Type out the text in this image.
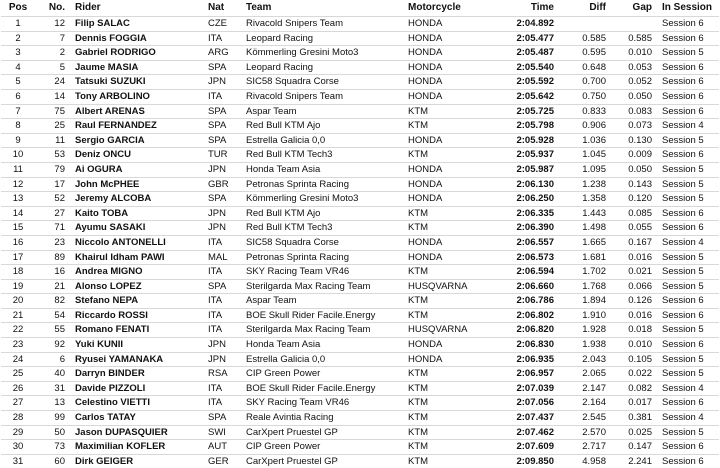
Pos	No.	Rider	Nat	Team	Motorcycle	Time	Diff	Gap	In Session
1	12	Filip SALAC	CZE	Rivacold Snipers Team	HONDA	2:04.892			Session 6
2	7	Dennis FOGGIA	ITA	Leopard Racing	HONDA	2:05.477	0.585	0.585	Session 6
3	2	Gabriel RODRIGO	ARG	Kömmerling Gresini Moto3	HONDA	2:05.487	0.595	0.010	Session 5
4	5	Jaume MASIA	SPA	Leopard Racing	HONDA	2:05.540	0.648	0.053	Session 6
5	24	Tatsuki SUZUKI	JPN	SIC58 Squadra Corse	HONDA	2:05.592	0.700	0.052	Session 6
6	14	Tony ARBOLINO	ITA	Rivacold Snipers Team	HONDA	2:05.642	0.750	0.050	Session 6
7	75	Albert ARENAS	SPA	Aspar Team	KTM	2:05.725	0.833	0.083	Session 6
8	25	Raul FERNANDEZ	SPA	Red Bull KTM Ajo	KTM	2:05.798	0.906	0.073	Session 4
9	11	Sergio GARCIA	SPA	Estrella Galicia 0,0	HONDA	2:05.928	1.036	0.130	Session 5
10	53	Deniz ONCU	TUR	Red Bull KTM Tech3	KTM	2:05.937	1.045	0.009	Session 6
11	79	Ai OGURA	JPN	Honda Team Asia	HONDA	2:05.987	1.095	0.050	Session 5
12	17	John McPHEE	GBR	Petronas Sprinta Racing	HONDA	2:06.130	1.238	0.143	Session 5
13	52	Jeremy ALCOBA	SPA	Kömmerling Gresini Moto3	HONDA	2:06.250	1.358	0.120	Session 5
14	27	Kaito TOBA	JPN	Red Bull KTM Ajo	KTM	2:06.335	1.443	0.085	Session 6
15	71	Ayumu SASAKI	JPN	Red Bull KTM Tech3	KTM	2:06.390	1.498	0.055	Session 6
16	23	Niccolo ANTONELLI	ITA	SIC58 Squadra Corse	HONDA	2:06.557	1.665	0.167	Session 4
17	89	Khairul Idham PAWI	MAL	Petronas Sprinta Racing	HONDA	2:06.573	1.681	0.016	Session 5
18	16	Andrea MIGNO	ITA	SKY Racing Team VR46	KTM	2:06.594	1.702	0.021	Session 5
19	21	Alonso LOPEZ	SPA	Sterilgarda Max Racing Team	HUSQVARNA	2:06.660	1.768	0.066	Session 5
20	82	Stefano NEPA	ITA	Aspar Team	KTM	2:06.786	1.894	0.126	Session 6
21	54	Riccardo ROSSI	ITA	BOE Skull Rider Facile.Energy	KTM	2:06.802	1.910	0.016	Session 6
22	55	Romano FENATI	ITA	Sterilgarda Max Racing Team	HUSQVARNA	2:06.820	1.928	0.018	Session 5
23	92	Yuki KUNII	JPN	Honda Team Asia	HONDA	2:06.830	1.938	0.010	Session 6
24	6	Ryusei YAMANAKA	JPN	Estrella Galicia 0,0	HONDA	2:06.935	2.043	0.105	Session 5
25	40	Darryn BINDER	RSA	CIP Green Power	KTM	2:06.957	2.065	0.022	Session 5
26	31	Davide PIZZOLI	ITA	BOE Skull Rider Facile.Energy	KTM	2:07.039	2.147	0.082	Session 4
27	13	Celestino VIETTI	ITA	SKY Racing Team VR46	KTM	2:07.056	2.164	0.017	Session 6
28	99	Carlos TATAY	SPA	Reale Avintia Racing	KTM	2:07.437	2.545	0.381	Session 4
29	50	Jason DUPASQUIER	SWI	CarXpert Pruestel GP	KTM	2:07.462	2.570	0.025	Session 5
30	73	Maximilian KOFLER	AUT	CIP Green Power	KTM	2:07.609	2.717	0.147	Session 6
31	60	Dirk GEIGER	GER	CarXpert Pruestel GP	KTM	2:09.850	4.958	2.241	Session 6
